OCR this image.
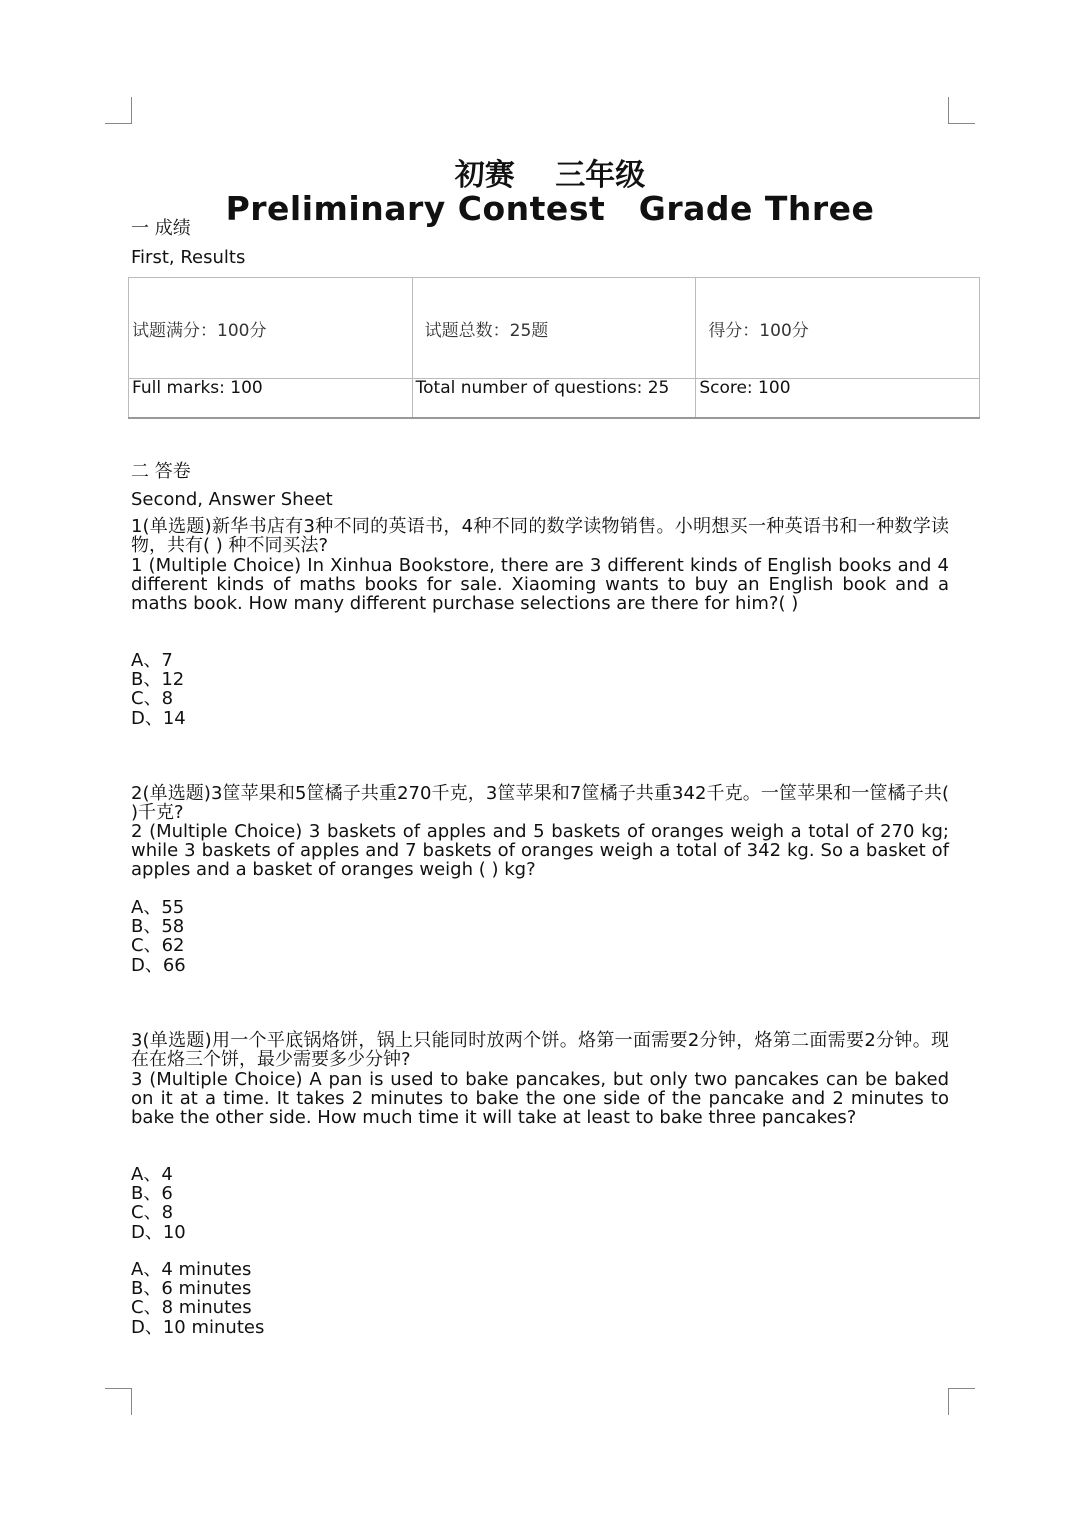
初赛　 三年级
Preliminary Contest　Grade Three
一 成绩
First, Results
试题满分：100分	试题总数：25题	得分：100分
Full marks: 100	Total number of questions: 25	Score: 100
二 答卷
Second, Answer Sheet
1(单选题)新华书店有3种不同的英语书，4种不同的数学读物销售。小明想买一种英语书和一种数学读物，共有( ) 种不同买法?
1 (Multiple Choice) In Xinhua Bookstore, there are 3 different kinds of English books and 4 different kinds of maths books for sale. Xiaoming wants to buy an English book and a maths book. How many different purchase selections are there for him?( )
A、7
B、12
C、8
D、14
2(单选题)3筐苹果和5筐橘子共重270千克，3筐苹果和7筐橘子共重342千克。一筐苹果和一筐橘子共( )千克?
2 (Multiple Choice) 3 baskets of apples and 5 baskets of oranges weigh a total of 270 kg; while 3 baskets of apples and 7 baskets of oranges weigh a total of 342 kg. So a basket of apples and a basket of oranges weigh ( ) kg?
A、55
B、58
C、62
D、66
3(单选题)用一个平底锅烙饼，锅上只能同时放两个饼。烙第一面需要2分钟，烙第二面需要2分钟。现在在烙三个饼，最少需要多少分钟?
3 (Multiple Choice) A pan is used to bake pancakes, but only two pancakes can be baked on it at a time. It takes 2 minutes to bake the one side of the pancake and 2 minutes to bake the other side. How much time it will take at least to bake three pancakes?
A、4
B、6
C、8
D、10
A、4 minutes
B、6 minutes
C、8 minutes
D、10 minutes
